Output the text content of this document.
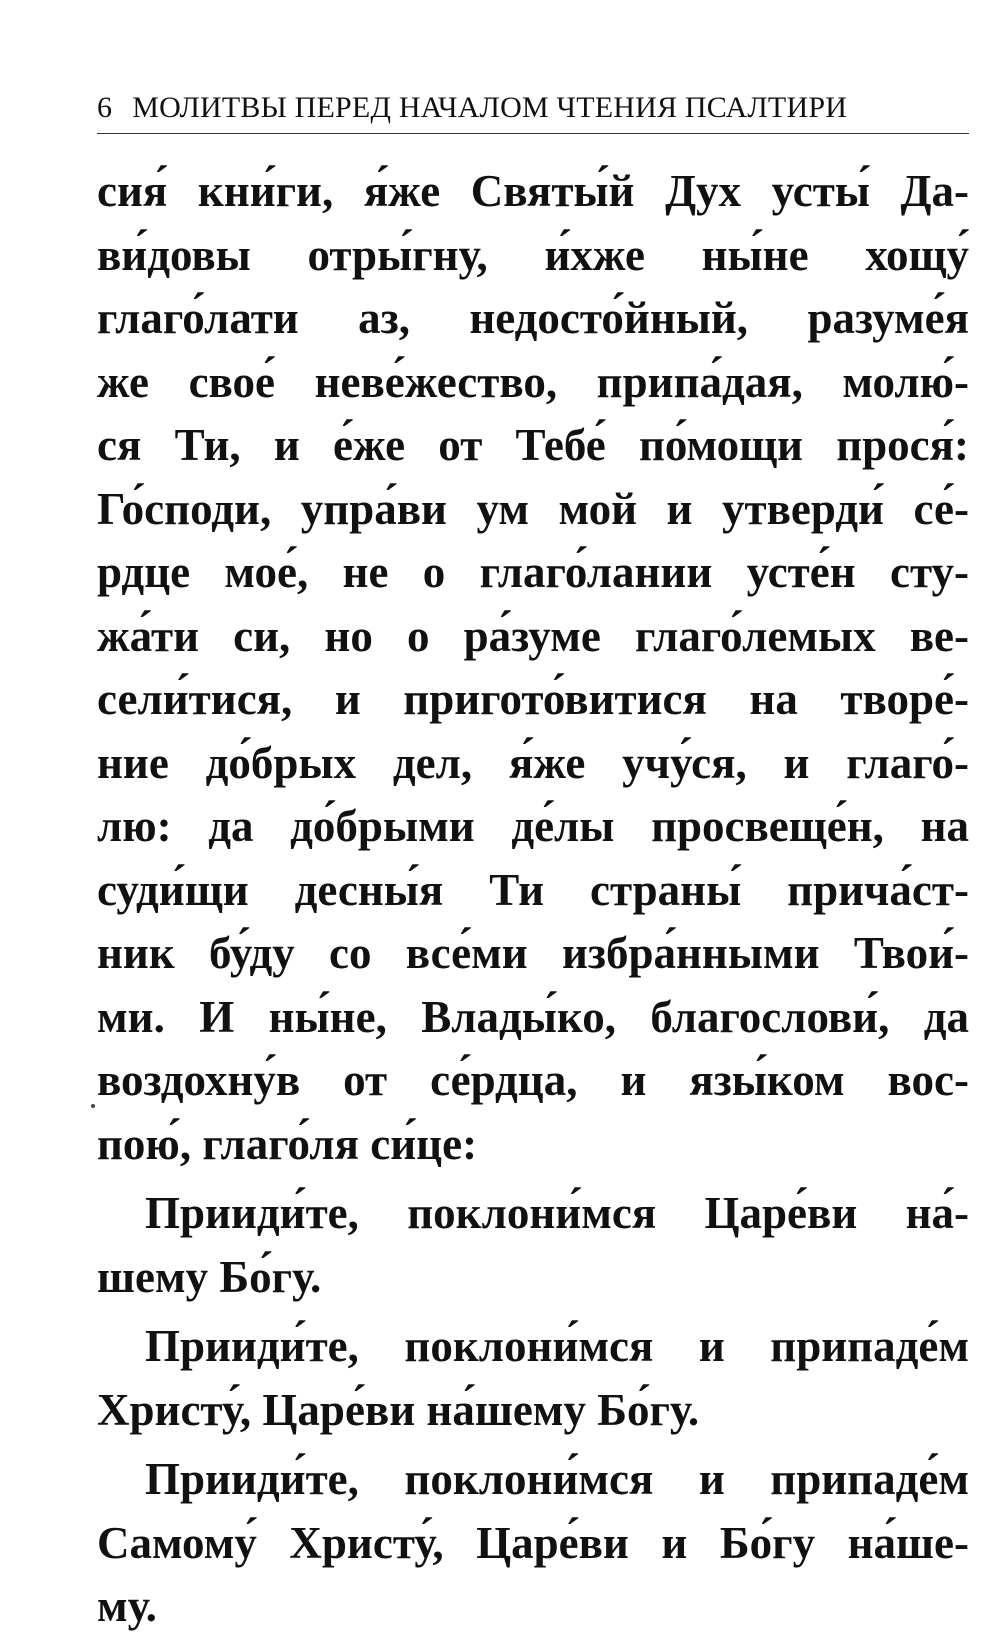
6 МОЛИТВЫ ПЕРЕД НАЧАЛОМ ЧТЕНИЯ ПСАЛТИРИ
сия́ кни́ги, я́же Святы́й Дух усты́ Да-
ви́довы отры́гну, и́хже ны́не хощу́
глаго́лати аз, недосто́йный, разуме́я
же свое́ неве́жество, припа́дая, молю́-
ся Ти, и е́же от Тебе́ по́мощи прося́:
Го́споди, упра́ви ум мой и утверди́ се́-
рдце мое́, не о глаго́лании усте́н сту-
жа́ти си, но о ра́зуме глаго́лемых ве-
сели́тися, и пригото́витися на творе́-
ние до́брых дел, я́же учу́ся, и глаго́-
лю: да до́брыми де́лы просвеще́н, на
суди́щи десны́я Ти страны́ прича́ст-
ник бу́ду со все́ми избра́нными Твои́-
ми. И ны́не, Влады́ко, благослови́, да
воздохну́в от се́рдца, и язы́ком вос-
пою́, глаго́ля си́це:
Прииди́те, поклони́мся Царе́ви на́-
шему Бо́гу.
Прииди́те, поклони́мся и припаде́м
Христу́, Царе́ви на́шему Бо́гу.
Прииди́те, поклони́мся и припаде́м
Самому́ Христу́, Царе́ви и Бо́гу на́ше-
му.
